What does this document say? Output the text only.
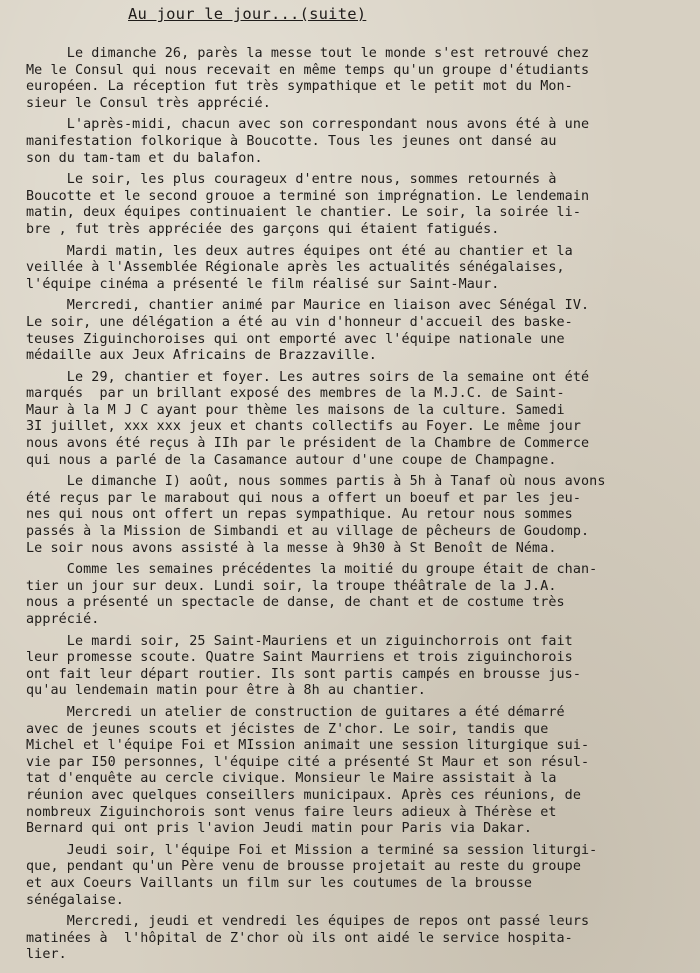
Au jour le jour...(suite)
Le dimanche 26, parès la messe tout le monde s'est retrouvé chez
Me le Consul qui nous recevait en même temps qu'un groupe d'étudiants
européen. La réception fut très sympathique et le petit mot du Mon-
sieur le Consul très apprécié.
L'après-midi, chacun avec son correspondant nous avons été à une
manifestation folkorique à Boucotte. Tous les jeunes ont dansé au
son du tam-tam et du balafon.
Le soir, les plus courageux d'entre nous, sommes retournés à
Boucotte et le second grouoe a terminé son imprégnation. Le lendemain
matin, deux équipes continuaient le chantier. Le soir, la soirée li-
bre , fut très appréciée des garçons qui étaient fatigués.
Mardi matin, les deux autres équipes ont été au chantier et la
veillée à l'Assemblée Régionale après les actualités sénégalaises,
l'équipe cinéma a présenté le film réalisé sur Saint-Maur.
Mercredi, chantier animé par Maurice en liaison avec Sénégal IV.
Le soir, une délégation a été au vin d'honneur d'accueil des baske-
teuses Ziguinchoroises qui ont emporté avec l'équipe nationale une
médaille aux Jeux Africains de Brazzaville.
Le 29, chantier et foyer. Les autres soirs de la semaine ont été
marqués  par un brillant exposé des membres de la M.J.C. de Saint-
Maur à la M J C ayant pour thème les maisons de la culture. Samedi
3I juillet, xxx xxx jeux et chants collectifs au Foyer. Le même jour
nous avons été reçus à IIh par le président de la Chambre de Commerce
qui nous a parlé de la Casamance autour d'une coupe de Champagne.
Le dimanche I) août, nous sommes partis à 5h à Tanaf où nous avons
été reçus par le marabout qui nous a offert un boeuf et par les jeu-
nes qui nous ont offert un repas sympathique. Au retour nous sommes
passés à la Mission de Simbandi et au village de pêcheurs de Goudomp.
Le soir nous avons assisté à la messe à 9h30 à St Benoît de Néma.
Comme les semaines précédentes la moitié du groupe était de chan-
tier un jour sur deux. Lundi soir, la troupe théâtrale de la J.A.
nous a présenté un spectacle de danse, de chant et de costume très
apprécié.
Le mardi soir, 25 Saint-Mauriens et un ziguinchorrois ont fait
leur promesse scoute. Quatre Saint Maurriens et trois ziguinchorois
ont fait leur départ routier. Ils sont partis campés en brousse jus-
qu'au lendemain matin pour être à 8h au chantier.
Mercredi un atelier de construction de guitares a été démarré
avec de jeunes scouts et jécistes de Z'chor. Le soir, tandis que
Michel et l'équipe Foi et MIssion animait une session liturgique sui-
vie par I50 personnes, l'équipe cité a présenté St Maur et son résul-
tat d'enquête au cercle civique. Monsieur le Maire assistait à la
réunion avec quelques conseillers municipaux. Après ces réunions, de
nombreux Ziguinchorois sont venus faire leurs adieux à Thérèse et
Bernard qui ont pris l'avion Jeudi matin pour Paris via Dakar.
Jeudi soir, l'équipe Foi et Mission a terminé sa session liturgi-
que, pendant qu'un Père venu de brousse projetait au reste du groupe
et aux Coeurs Vaillants un film sur les coutumes de la brousse
sénégalaise.
Mercredi, jeudi et vendredi les équipes de repos ont passé leurs
matinées à  l'hôpital de Z'chor où ils ont aidé le service hospita-
lier.
